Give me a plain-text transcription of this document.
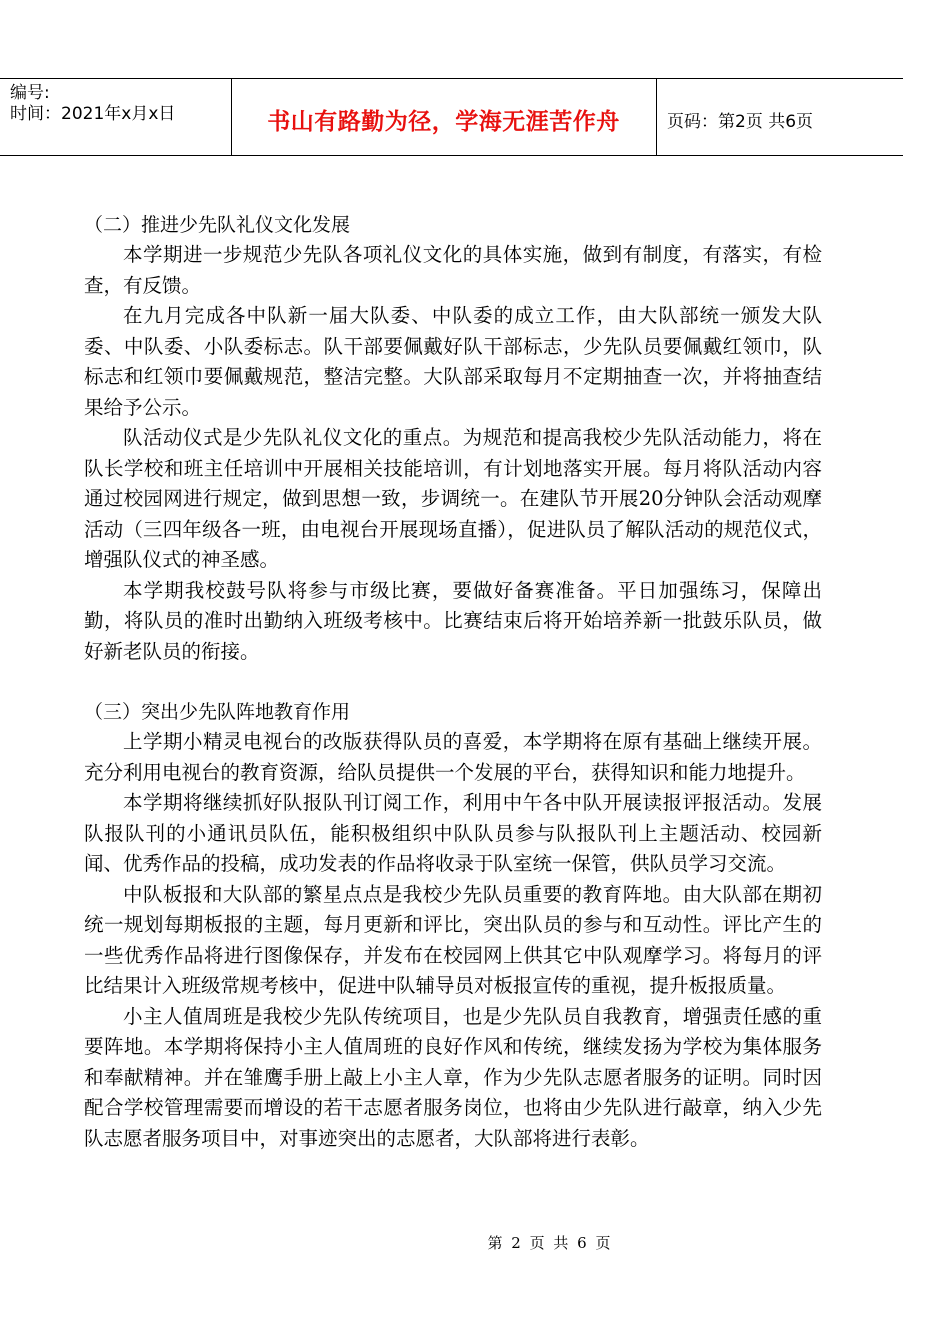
编号:
时间：2021年x月x日	书山有路勤为径，学海无涯苦作舟	页码：第2页 共6页

（二）推进少先队礼仪文化发展

本学期进一步规范少先队各项礼仪文化的具体实施，做到有制度，有落实，有检查，有反馈。

在九月完成各中队新一届大队委、中队委的成立工作，由大队部统一颁发大队委、中队委、小队委标志。队干部要佩戴好队干部标志，少先队员要佩戴红领巾，队标志和红领巾要佩戴规范，整洁完整。大队部采取每月不定期抽查一次，并将抽查结果给予公示。

队活动仪式是少先队礼仪文化的重点。为规范和提高我校少先队活动能力，将在队长学校和班主任培训中开展相关技能培训，有计划地落实开展。每月将队活动内容通过校园网进行规定，做到思想一致，步调统一。在建队节开展20分钟队会活动观摩活动（三四年级各一班，由电视台开展现场直播），促进队员了解队活动的规范仪式，增强队仪式的神圣感。

本学期我校鼓号队将参与市级比赛，要做好备赛准备。平日加强练习，保障出勤，将队员的准时出勤纳入班级考核中。比赛结束后将开始培养新一批鼓乐队员，做好新老队员的衔接。

（三）突出少先队阵地教育作用

上学期小精灵电视台的改版获得队员的喜爱，本学期将在原有基础上继续开展。充分利用电视台的教育资源，给队员提供一个发展的平台，获得知识和能力地提升。

本学期将继续抓好队报队刊订阅工作，利用中午各中队开展读报评报活动。发展队报队刊的小通讯员队伍，能积极组织中队队员参与队报队刊上主题活动、校园新闻、优秀作品的投稿，成功发表的作品将收录于队室统一保管，供队员学习交流。

中队板报和大队部的繁星点点是我校少先队员重要的教育阵地。由大队部在期初统一规划每期板报的主题，每月更新和评比，突出队员的参与和互动性。评比产生的一些优秀作品将进行图像保存，并发布在校园网上供其它中队观摩学习。将每月的评比结果计入班级常规考核中，促进中队辅导员对板报宣传的重视，提升板报质量。

小主人值周班是我校少先队传统项目，也是少先队员自我教育，增强责任感的重要阵地。本学期将保持小主人值周班的良好作风和传统，继续发扬为学校为集体服务和奉献精神。并在雏鹰手册上敲上小主人章，作为少先队志愿者服务的证明。同时因配合学校管理需要而增设的若干志愿者服务岗位，也将由少先队进行敲章，纳入少先队志愿者服务项目中，对事迹突出的志愿者，大队部将进行表彰。

第 2 页 共 6 页
